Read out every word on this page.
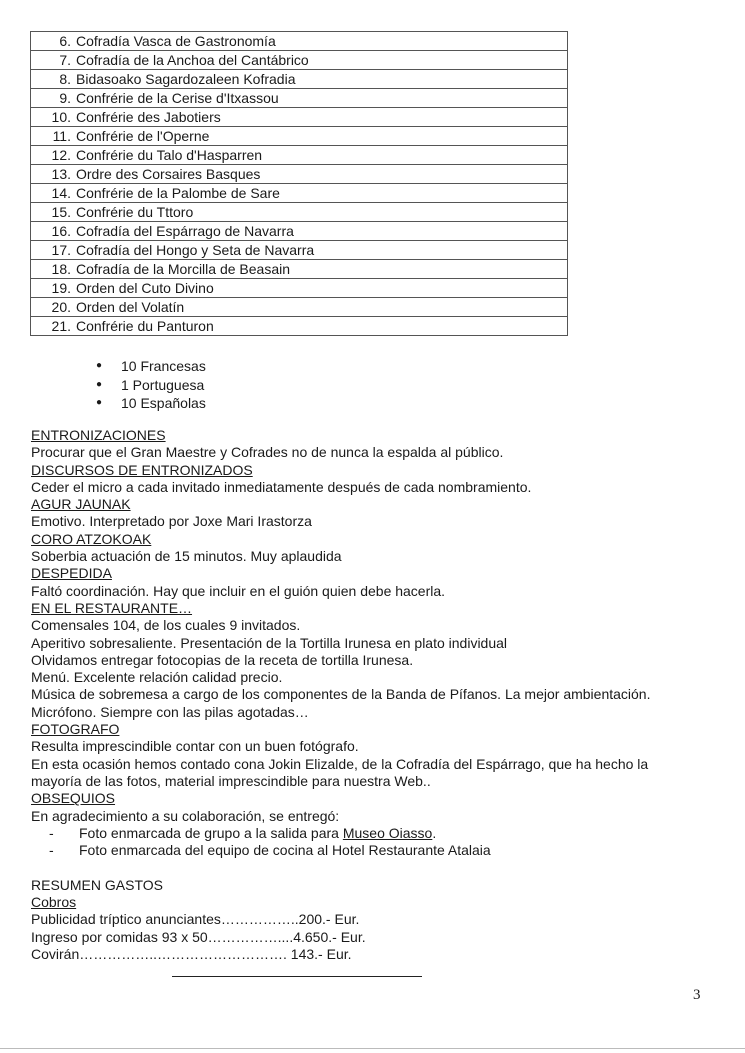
6.	Cofradía Vasca de Gastronomía
7.	Cofradía de la Anchoa del Cantábrico
8.	Bidasoako Sagardozaleen Kofradia
9.	Confrérie de la Cerise d'Itxassou
10.	Confrérie des Jabotiers
11.	Confrérie de l'Operne
12.	Confrérie du Talo d'Hasparren
13.	Ordre des Corsaires Basques
14.	Confrérie de la Palombe de Sare
15.	Confrérie du Tttoro
16.	Cofradía del Espárrago de Navarra
17.	Cofradía del Hongo y Seta de Navarra
18.	Cofradía de la Morcilla de Beasain
19.	Orden del Cuto Divino
20.	Orden del Volatín
21.	Confrérie du Panturon
●	10 Francesas
●	1 Portuguesa
●	10 Españolas
ENTRONIZACIONES
Procurar que el Gran Maestre y Cofrades no de nunca la espalda al público.
DISCURSOS DE ENTRONIZADOS
Ceder el micro a cada invitado inmediatamente después de cada nombramiento.
AGUR JAUNAK
Emotivo. Interpretado por Joxe Mari Irastorza
CORO ATZOKOAK
Soberbia actuación de 15 minutos. Muy aplaudida
DESPEDIDA
Faltó coordinación. Hay que incluir en el guión quien debe hacerla.
EN EL RESTAURANTE…
Comensales 104, de los cuales 9 invitados.
Aperitivo sobresaliente. Presentación de la Tortilla Irunesa en plato individual
Olvidamos entregar fotocopias de la receta de tortilla Irunesa.
Menú. Excelente relación calidad precio.
Música de sobremesa a cargo de los componentes de la Banda de Pífanos. La mejor ambientación.
Micrófono. Siempre con las pilas agotadas…
FOTOGRAFO
Resulta imprescindible contar con un buen fotógrafo.
En esta ocasión hemos contado cona Jokin Elizalde, de la Cofradía del Espárrago, que ha hecho la
mayoría de las fotos, material imprescindible para nuestra Web..
OBSEQUIOS
En agradecimiento a su colaboración, se entregó:
-	Foto enmarcada de grupo a la salida para Museo Oiasso.
-	Foto enmarcada del equipo de cocina al Hotel Restaurante Atalaia
RESUMEN GASTOS
Cobros
Publicidad tríptico anunciantes……………..200.- Eur.
Ingreso por comidas 93 x 50……………....4.650.- Eur.
Covirán……………..………………………. 143.- Eur.
3
